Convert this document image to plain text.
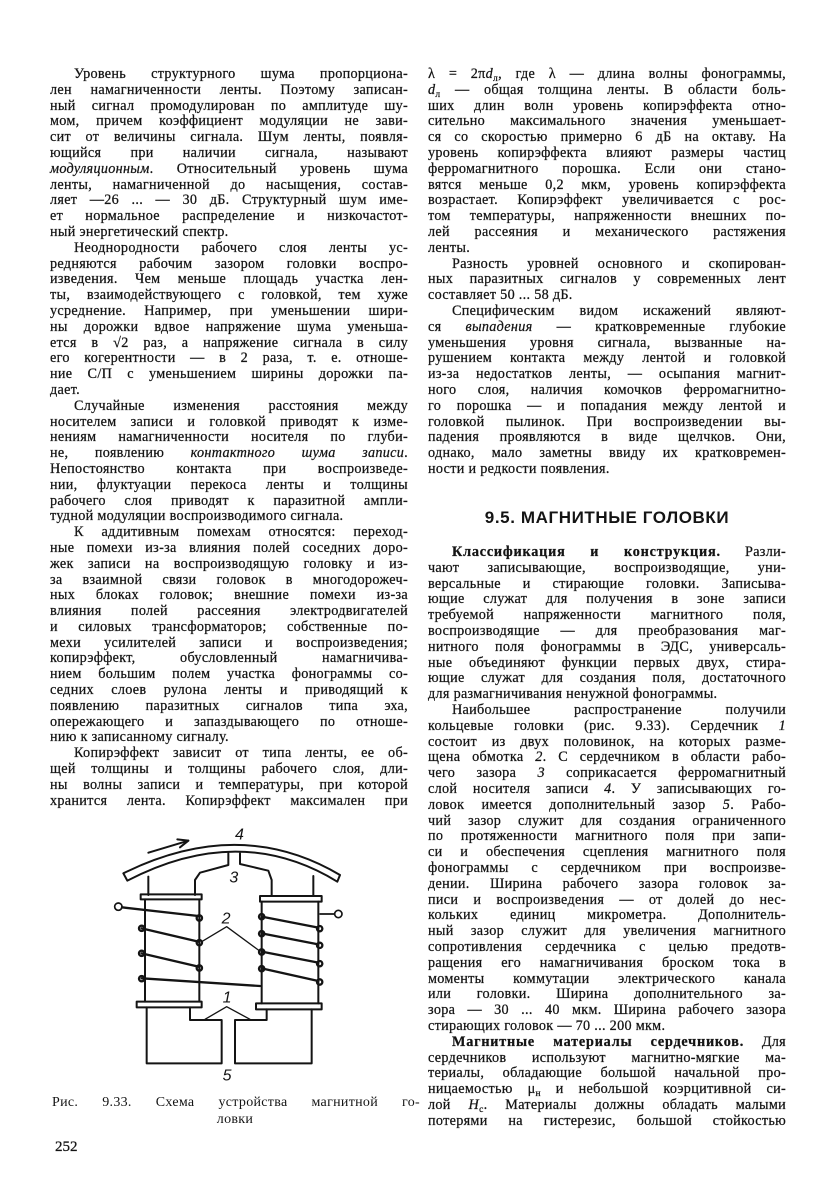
Уровень структурного шума пропорциона-
лен намагниченности ленты. Поэтому записан-
ный сигнал промодулирован по амплитуде шу-
мом, причем коэффициент модуляции не зави-
сит от величины сигнала. Шум ленты, появля-
ющийся при наличии сигнала, называют
модуляционным. Относительный уровень шума
ленты, намагниченной до насыщения, состав-
ляет —26 ... — 30 дБ. Структурный шум име-
ет нормальное распределение и низкочастот-
ный энергетический спектр.
Неоднородности рабочего слоя ленты ус-
редняются рабочим зазором головки воспро-
изведения. Чем меньше площадь участка лен-
ты, взаимодействующего с головкой, тем хуже
усреднение. Например, при уменьшении шири-
ны дорожки вдвое напряжение шума уменьша-
ется в √2 раз, а напряжение сигнала в силу
его когерентности — в 2 раза, т. е. отноше-
ние С/П с уменьшением ширины дорожки па-
дает.
Случайные изменения расстояния между
носителем записи и головкой приводят к изме-
нениям намагниченности носителя по глуби-
не, появлению контактного шума записи.
Непостоянство контакта при воспроизведе-
нии, флуктуации перекоса ленты и толщины
рабочего слоя приводят к паразитной ампли-
тудной модуляции воспроизводимого сигнала.
К аддитивным помехам относятся: переход-
ные помехи из-за влияния полей соседних доро-
жек записи на воспроизводящую головку и из-
за взаимной связи головок в многодорожеч-
ных блоках головок; внешние помехи из-за
влияния полей рассеяния электродвигателей
и силовых трансформаторов; собственные по-
мехи усилителей записи и воспроизведения;
копирэффект, обусловленный намагничива-
нием большим полем участка фонограммы со-
седних слоев рулона ленты и приводящий к
появлению паразитных сигналов типа эха,
опережающего и запаздывающего по отноше-
нию к записанному сигналу.
Копирэффект зависит от типа ленты, ее об-
щей толщины и толщины рабочего слоя, дли-
ны волны записи и температуры, при которой
хранится лента. Копирэффект максимален при
$\lambda = 2\pi d_л$, где λ — длина волны фонограммы,
$d_л$ — общая толщина ленты. В области боль-
ших длин волн уровень копирэффекта отно-
сительно максимального значения уменьшает-
ся со скоростью примерно 6 дБ на октаву. На
уровень копирэффекта влияют размеры частиц
ферромагнитного порошка. Если они стано-
вятся меньше 0,2 мкм, уровень копирэффекта
возрастает. Копирэффект увеличивается с рос-
том температуры, напряженности внешних по-
лей рассеяния и механического растяжения
ленты.
Разность уровней основного и скопирован-
ных паразитных сигналов у современных лент
составляет 50 ... 58 дБ.
Специфическим видом искажений являют-
ся выпадения — кратковременные глубокие
уменьшения уровня сигнала, вызванные на-
рушением контакта между лентой и головкой
из-за недостатков ленты, — осыпания магнит-
ного слоя, наличия комочков ферромагнитно-
го порошка — и попадания между лентой и
головкой пылинок. При воспроизведении вы-
падения проявляются в виде щелчков. Они,
однако, мало заметны ввиду их кратковремен-
ности и редкости появления.
9.5. МАГНИТНЫЕ ГОЛОВКИ
Классификация и конструкция. Разли-
чают записывающие, воспроизводящие, уни-
версальные и стирающие головки. Записыва-
ющие служат для получения в зоне записи
требуемой напряженности магнитного поля,
воспроизводящие — для преобразования маг-
нитного поля фонограммы в ЭДС, универсаль-
ные объединяют функции первых двух, стира-
ющие служат для создания поля, достаточного
для размагничивания ненужной фонограммы.
Наибольшее распространение получили
кольцевые головки (рис. 9.33). Сердечник 1
состоит из двух половинок, на которых разме-
щена обмотка 2. С сердечником в области рабо-
чего зазора 3 соприкасается ферромагнитный
слой носителя записи 4. У записывающих го-
ловок имеется дополнительный зазор 5. Рабо-
чий зазор служит для создания ограниченного
по протяженности магнитного поля при запи-
си и обеспечения сцепления магнитного поля
фонограммы с сердечником при воспроизве-
дении. Ширина рабочего зазора головок за-
писи и воспроизведения — от долей до нес-
кольких единиц микрометра. Дополнитель-
ный зазор служит для увеличения магнитного
сопротивления сердечника с целью предотв-
ращения его намагничивания броском тока в
моменты коммутации электрического канала
или головки. Ширина дополнительного за-
зора — 30 ... 40 мкм. Ширина рабочего зазора
стирающих головок — 70 ... 200 мкм.
Магнитные материалы сердечников. Для
сердечников используют магнитно-мягкие ма-
териалы, обладающие большой начальной про-
ницаемостью $\mu_н$ и небольшой коэрцитивной си-
лой $H_c$. Материалы должны обладать малыми
потерями на гистерезис, большой стойкостью
4
3
2
1
5
Рис. 9.33. Схема устройства магнитной го-
ловки
252
